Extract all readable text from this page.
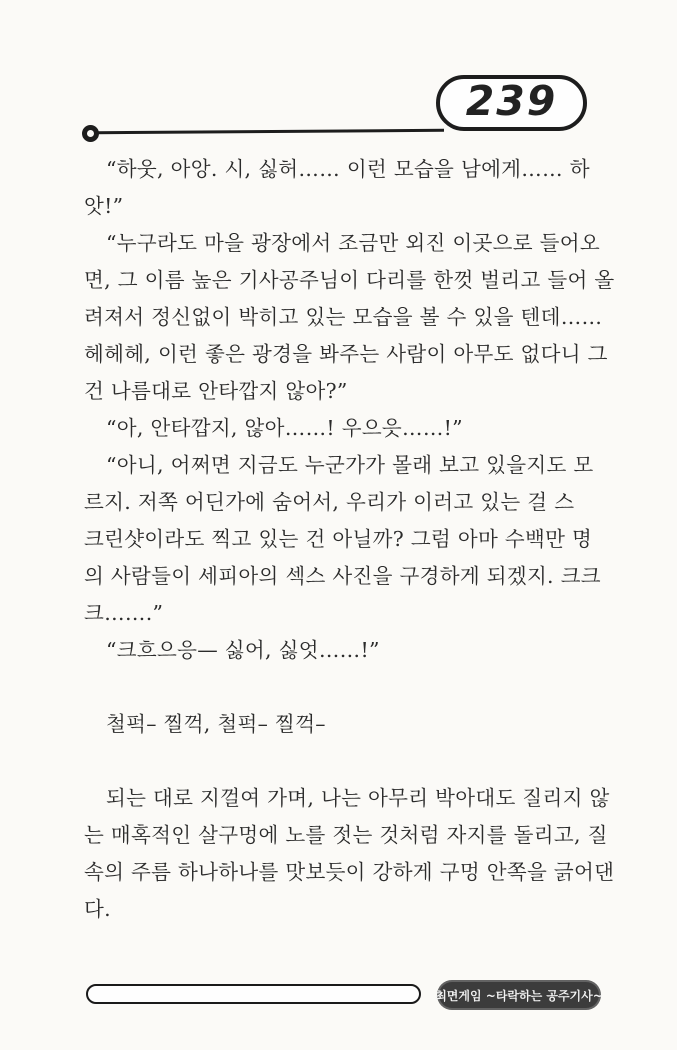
239
“하웃, 아앙. 시, 싫허…… 이런 모습을 남에게…… 하
앗!”
“누구라도 마을 광장에서 조금만 외진 이곳으로 들어오
면, 그 이름 높은 기사공주님이 다리를 한껏 벌리고 들어 올
려져서 정신없이 박히고 있는 모습을 볼 수 있을 텐데……
헤헤헤, 이런 좋은 광경을 봐주는 사람이 아무도 없다니 그
건 나름대로 안타깝지 않아?”
“아, 안타깝지, 않아……! 우으읏……!”
“아니, 어쩌면 지금도 누군가가 몰래 보고 있을지도 모
르지. 저쪽 어딘가에 숨어서, 우리가 이러고 있는 걸 스
크린샷이라도 찍고 있는 건 아닐까? 그럼 아마 수백만 명
의 사람들이 세피아의 섹스 사진을 구경하게 되겠지. 크크
크…….”
“크흐으응— 싫어, 싫엇……!”
철퍽– 찔꺽, 철퍽– 찔꺽–
되는 대로 지껄여 가며, 나는 아무리 박아대도 질리지 않
는 매혹적인 살구멍에 노를 젓는 것처럼 자지를 돌리고, 질
속의 주름 하나하나를 맛보듯이 강하게 구멍 안쪽을 긁어댄
다.
최면게임 ~타락하는 공주기사~
